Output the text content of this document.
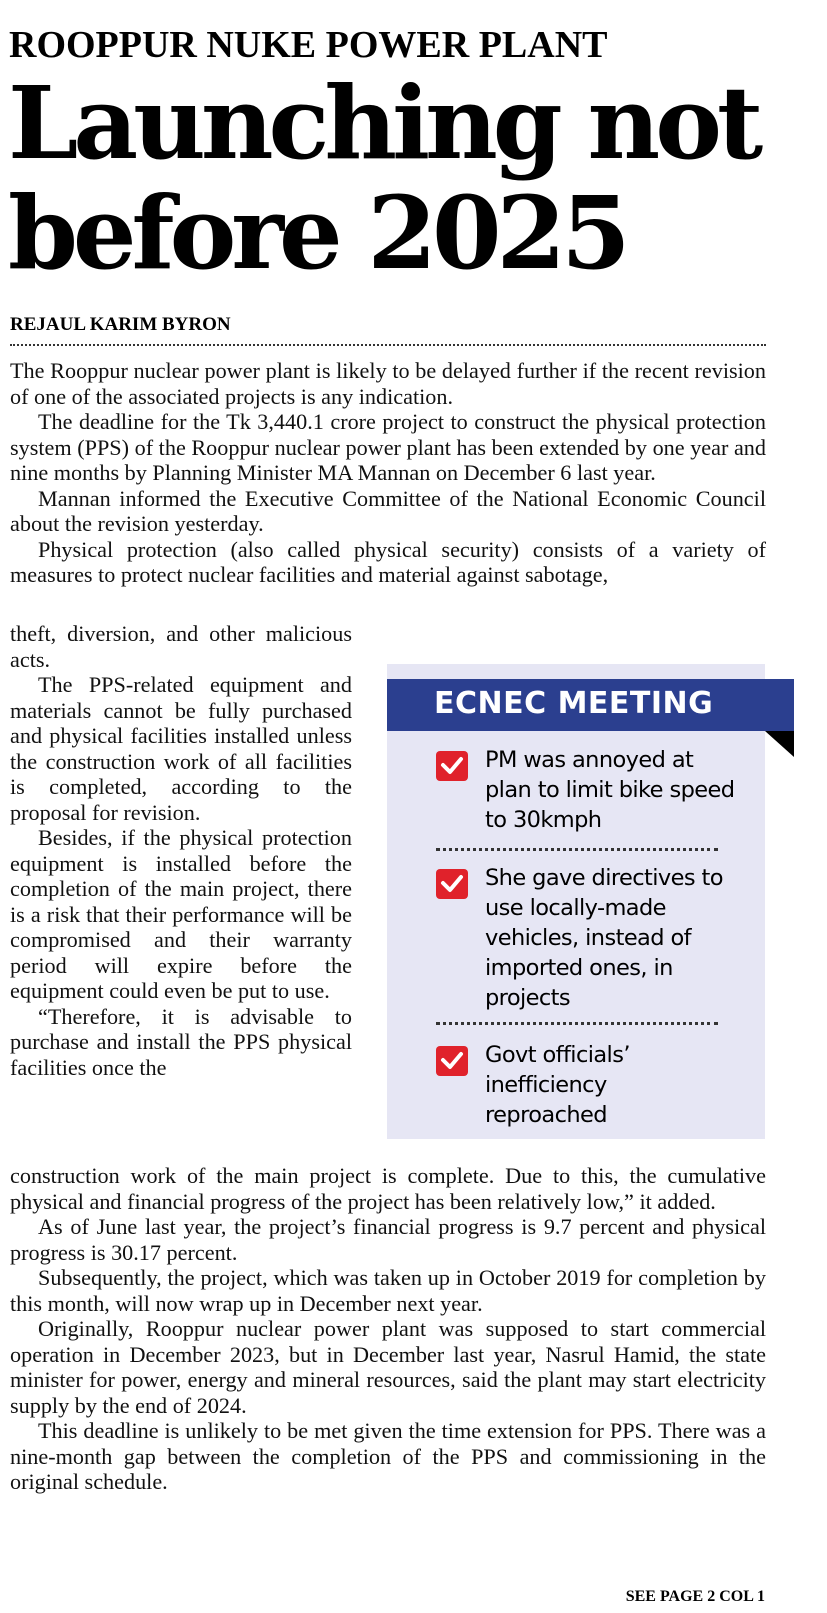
ROOPPUR NUKE POWER PLANT
Launching not before 2025
REJAUL KARIM BYRON

The Rooppur nuclear power plant is likely to be delayed further if the recent revision of one of the associated projects is any indication.

The deadline for the Tk 3,440.1 crore project to construct the physical protection system (PPS) of the Rooppur nuclear power plant has been extended by one year and nine months by Planning Minister MA Mannan on December 6 last year.

Mannan informed the Executive Committee of the National Economic Council about the revision yesterday.

Physical protection (also called physical security) consists of a variety of measures to protect nuclear facilities and material against sabotage,

theft, diversion, and other malicious acts.

The PPS-related equipment and materials cannot be fully purchased and physical facilities installed unless the construction work of all facilities is completed, according to the proposal for revision.

Besides, if the physical protection equipment is installed before the completion of the main project, there is a risk that their performance will be compromised and their warranty period will expire before the equipment could even be put to use.

“Therefore, it is advisable to purchase and install the PPS physical facilities once the

construction work of the main project is complete. Due to this, the cumulative physical and financial progress of the project has been relatively low,” it added.

As of June last year, the project’s financial progress is 9.7 percent and physical progress is 30.17 percent.

Subsequently, the project, which was taken up in October 2019 for completion by this month, will now wrap up in December next year.

Originally, Rooppur nuclear power plant was supposed to start commercial operation in December 2023, but in December last year, Nasrul Hamid, the state minister for power, energy and mineral resources, said the plant may start electricity supply by the end of 2024.

This deadline is unlikely to be met given the time extension for PPS. There was a nine-month gap between the completion of the PPS and commissioning in the original schedule.

ECNEC MEETING

PM was annoyed at plan to limit bike speed to 30kmph

She gave directives to use locally-made vehicles, instead of imported ones, in projects

Govt officials’ inefficiency reproached

SEE PAGE 2 COL 1
